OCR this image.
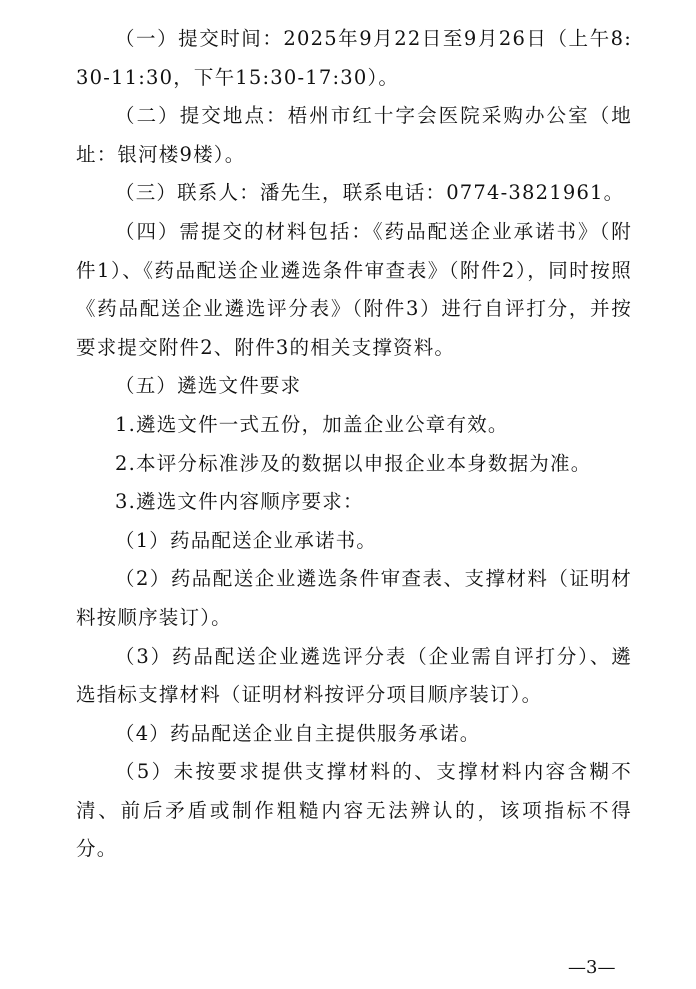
（一）提交时间：2025年9月22日至9月26日（上午8:30-11:30，下午15:30-17:30）。

（二）提交地点：梧州市红十字会医院采购办公室（地址：银河楼9楼）。

（三）联系人：潘先生，联系电话：0774-3821961。

（四）需提交的材料包括：《药品配送企业承诺书》（附件1）、《药品配送企业遴选条件审查表》（附件2），同时按照《药品配送企业遴选评分表》（附件3）进行自评打分，并按要求提交附件2、附件3的相关支撑资料。

（五）遴选文件要求

1.遴选文件一式五份，加盖企业公章有效。

2.本评分标准涉及的数据以申报企业本身数据为准。

3.遴选文件内容顺序要求：

（1）药品配送企业承诺书。

（2）药品配送企业遴选条件审查表、支撑材料（证明材料按顺序装订）。

（3）药品配送企业遴选评分表（企业需自评打分）、遴选指标支撑材料（证明材料按评分项目顺序装订）。

（4）药品配送企业自主提供服务承诺。

（5）未按要求提供支撑材料的、支撑材料内容含糊不清、前后矛盾或制作粗糙内容无法辨认的，该项指标不得分。

—3—
